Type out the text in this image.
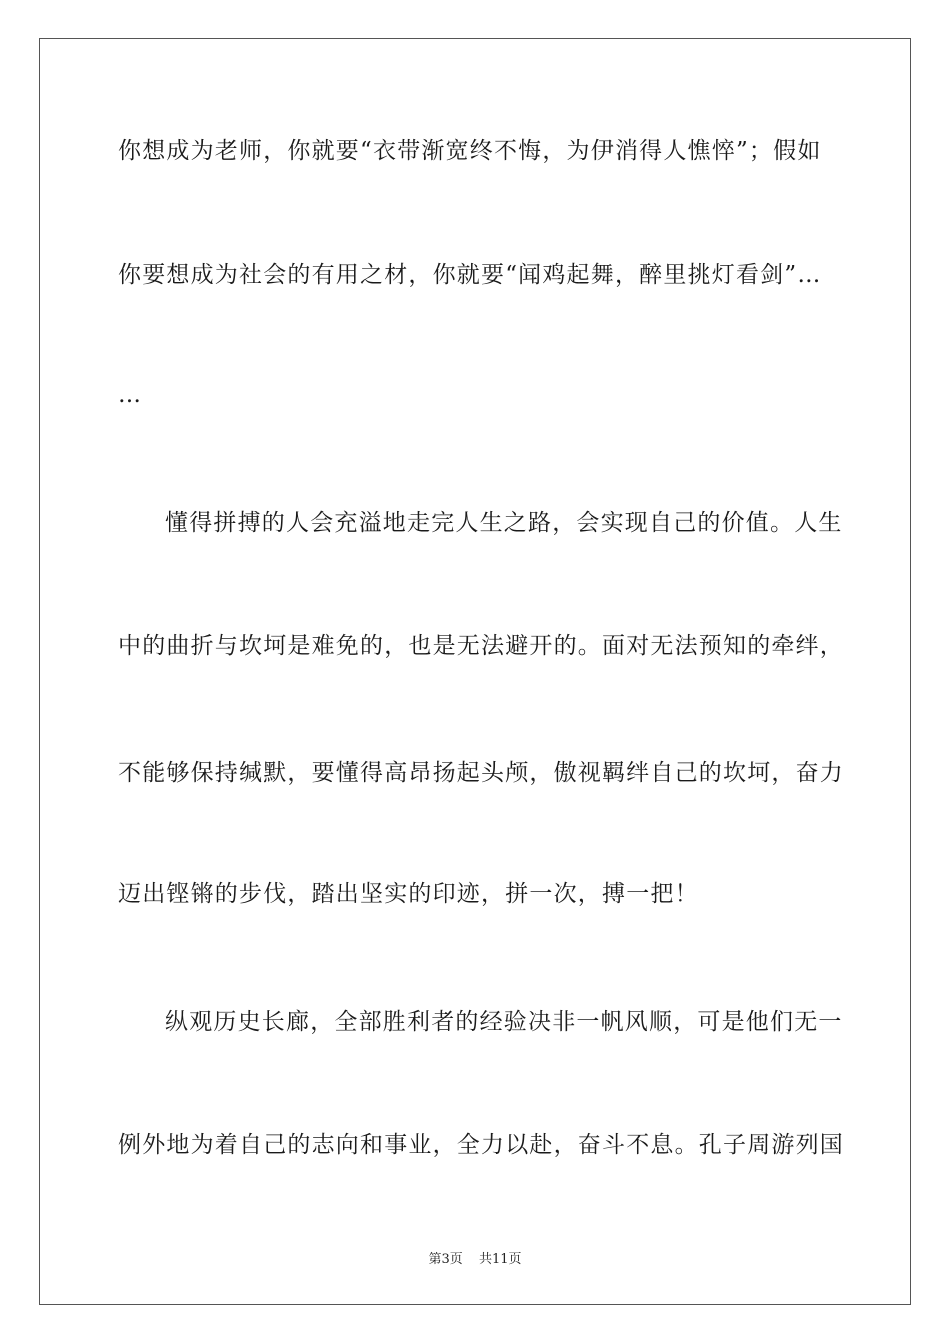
你想成为老师，你就要“衣带渐宽终不悔，为伊消得人憔悴”；假如
你要想成为社会的有用之材，你就要“闻鸡起舞，醉里挑灯看剑”…
…
懂得拼搏的人会充溢地走完人生之路，会实现自己的价值。人生
中的曲折与坎坷是难免的，也是无法避开的。面对无法预知的牵绊，
不能够保持缄默，要懂得高昂扬起头颅，傲视羁绊自己的坎坷，奋力
迈出铿锵的步伐，踏出坚实的印迹，拼一次，搏一把！
纵观历史长廊，全部胜利者的经验决非一帆风顺，可是他们无一
例外地为着自己的志向和事业，全力以赴，奋斗不息。孔子周游列国
第3页 共11页
